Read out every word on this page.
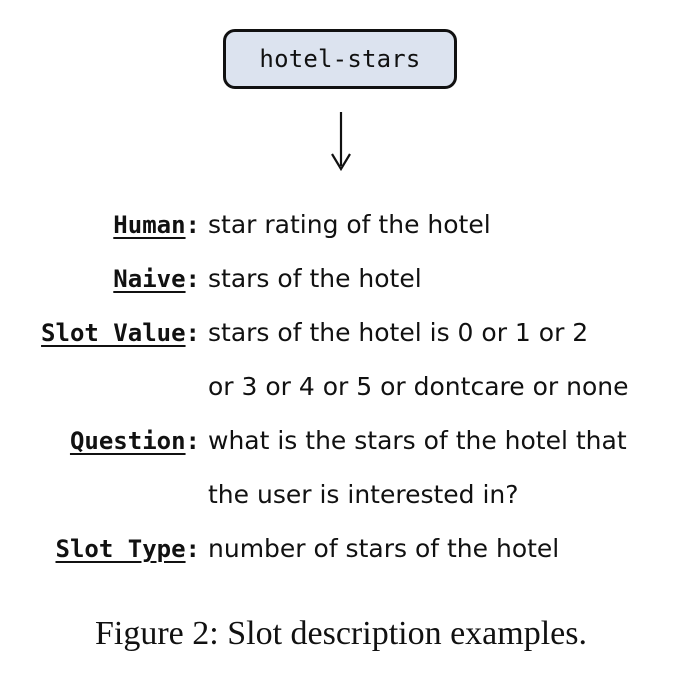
hotel-stars
Human: star rating of the hotel
Naive: stars of the hotel
Slot Value: stars of the hotel is 0 or 1 or 2
or 3 or 4 or 5 or dontcare or none
Question: what is the stars of the hotel that
the user is interested in?
Slot Type: number of stars of the hotel
Figure 2: Slot description examples.
